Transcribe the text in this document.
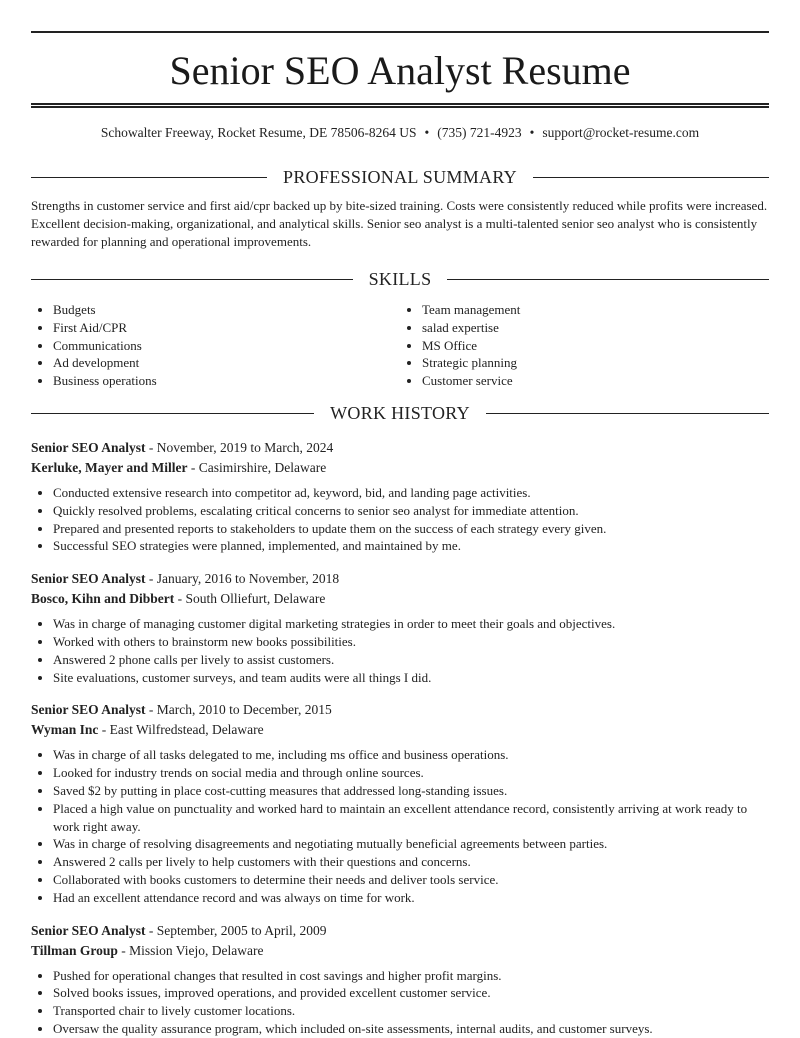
Senior SEO Analyst Resume
Schowalter Freeway, Rocket Resume, DE 78506-8264 US • (735) 721-4923 • support@rocket-resume.com
PROFESSIONAL SUMMARY

Strengths in customer service and first aid/cpr backed up by bite-sized training. Costs were consistently reduced while profits were increased. Excellent decision-making, organizational, and analytical skills. Senior seo analyst is a multi-talented senior seo analyst who is consistently rewarded for planning and operational improvements.

SKILLS
• Budgets
• First Aid/CPR
• Communications
• Ad development
• Business operations
• Team management
• salad expertise
• MS Office
• Strategic planning
• Customer service
WORK HISTORY
Senior SEO Analyst - November, 2019 to March, 2024
Kerluke, Mayer and Miller - Casimirshire, Delaware
• Conducted extensive research into competitor ad, keyword, bid, and landing page activities.
• Quickly resolved problems, escalating critical concerns to senior seo analyst for immediate attention.
• Prepared and presented reports to stakeholders to update them on the success of each strategy every given.
• Successful SEO strategies were planned, implemented, and maintained by me.
Senior SEO Analyst - January, 2016 to November, 2018
Bosco, Kihn and Dibbert - South Olliefurt, Delaware
• Was in charge of managing customer digital marketing strategies in order to meet their goals and objectives.
• Worked with others to brainstorm new books possibilities.
• Answered 2 phone calls per lively to assist customers.
• Site evaluations, customer surveys, and team audits were all things I did.
Senior SEO Analyst - March, 2010 to December, 2015
Wyman Inc - East Wilfredstead, Delaware
• Was in charge of all tasks delegated to me, including ms office and business operations.
• Looked for industry trends on social media and through online sources.
• Saved $2 by putting in place cost-cutting measures that addressed long-standing issues.
• Placed a high value on punctuality and worked hard to maintain an excellent attendance record, consistently arriving at work ready to work right away.
• Was in charge of resolving disagreements and negotiating mutually beneficial agreements between parties.
• Answered 2 calls per lively to help customers with their questions and concerns.
• Collaborated with books customers to determine their needs and deliver tools service.
• Had an excellent attendance record and was always on time for work.
Senior SEO Analyst - September, 2005 to April, 2009
Tillman Group - Mission Viejo, Delaware
• Pushed for operational changes that resulted in cost savings and higher profit margins.
• Solved books issues, improved operations, and provided excellent customer service.
• Transported chair to lively customer locations.
• Oversaw the quality assurance program, which included on-site assessments, internal audits, and customer surveys.
